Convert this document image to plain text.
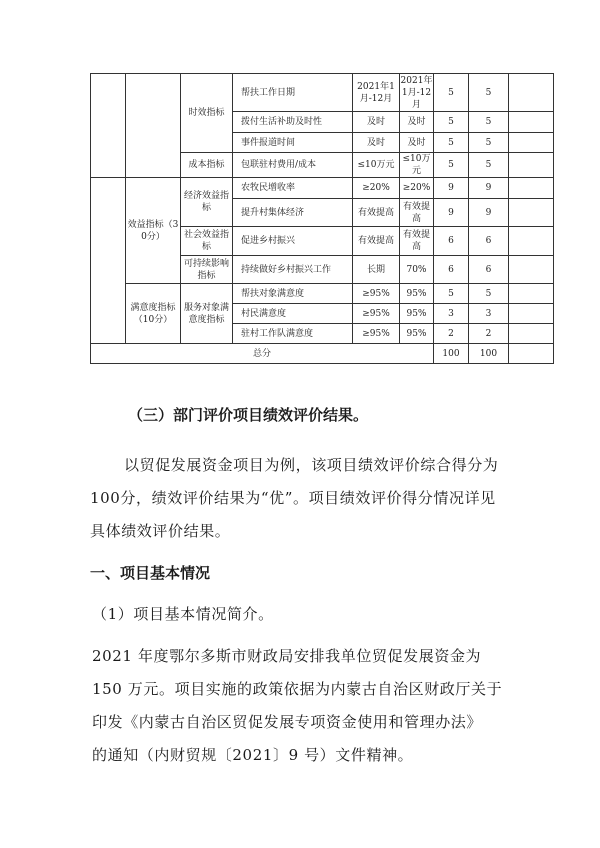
		时效指标	帮扶工作日期	2021年1月-12月	2021年1月-12月	5	5	
			拨付生活补助及时性	及时	及时	5	5	
			事件报道时间	及时	及时	5	5	
		成本指标	包联驻村费用/成本	≤10万元	≤10万元	5	5	
	效益指标（30分）	经济效益指标	农牧民增收率	≥20%	≥20%	9	9	
			提升村集体经济	有效提高	有效提高	9	9	
		社会效益指标	促进乡村振兴	有效提高	有效提高	6	6	
		可持续影响指标	持续做好乡村振兴工作	长期	70%	6	6	
	满意度指标（10分）	服务对象满意度指标	帮扶对象满意度	≥95%	95%	5	5	
			村民满意度	≥95%	95%	3	3	
			驻村工作队满意度	≥95%	95%	2	2	
总分						100	100	
（三）部门评价项目绩效评价结果。
以贸促发展资金项目为例，该项目绩效评价综合得分为
100分，绩效评价结果为“优”。项目绩效评价得分情况详见
具体绩效评价结果。
一、项目基本情况
（1）项目基本情况简介。
2021 年度鄂尔多斯市财政局安排我单位贸促发展资金为
150 万元。项目实施的政策依据为内蒙古自治区财政厅关于
印发《内蒙古自治区贸促发展专项资金使用和管理办法》
的通知（内财贸规〔2021〕9 号）文件精神。
